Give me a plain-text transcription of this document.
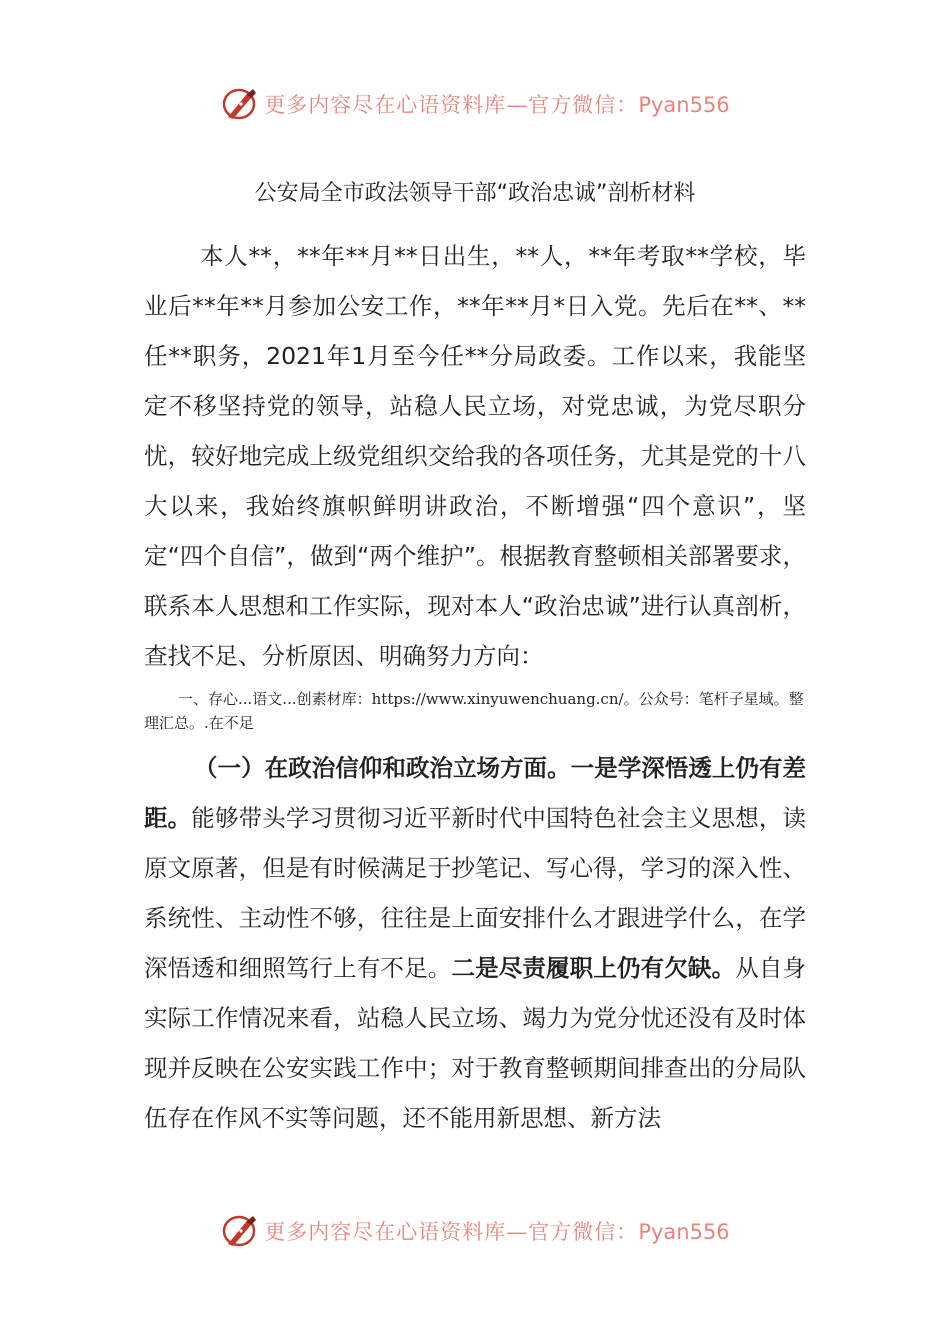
更多内容尽在心语资料库—官方微信：Pyan556
公安局全市政法领导干部“政治忠诚”剖析材料
本人**，**年**月**日出生，**人，**年考取**学校，毕业后**年**月参加公安工作，**年**月*日入党。先后在**、**任**职务，2021年1月至今任**分局政委。工作以来，我能坚定不移坚持党的领导，站稳人民立场，对党忠诚，为党尽职分忧，较好地完成上级党组织交给我的各项任务，尤其是党的十八大以来，我始终旗帜鲜明讲政治，不断增强“四个意识”，坚定“四个自信”，做到“两个维护”。根据教育整顿相关部署要求，联系本人思想和工作实际，现对本人“政治忠诚”进行认真剖析，查找不足、分析原因、明确努力方向：
一、存心...语文...创素材库：https://www.xinyuwenchuang.cn/。公众号：笔杆子星域。整理汇总。.在不足
（一）在政治信仰和政治立场方面。一是学深悟透上仍有差距。能够带头学习贯彻习近平新时代中国特色社会主义思想，读原文原著，但是有时候满足于抄笔记、写心得，学习的深入性、系统性、主动性不够，往往是上面安排什么才跟进学什么，在学深悟透和细照笃行上有不足。二是尽责履职上仍有欠缺。从自身实际工作情况来看，站稳人民立场、竭力为党分忧还没有及时体现并反映在公安实践工作中；对于教育整顿期间排查出的分局队伍存在作风不实等问题，还不能用新思想、新方法
更多内容尽在心语资料库—官方微信：Pyan556
